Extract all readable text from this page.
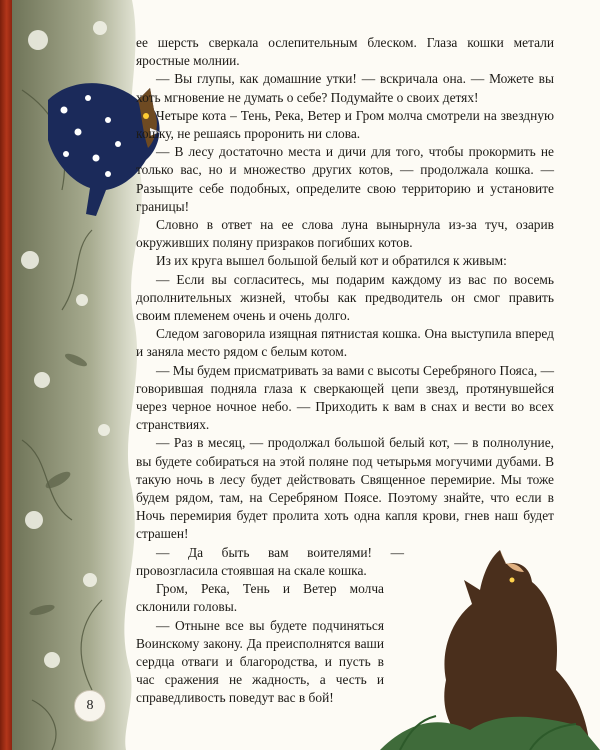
ее шерсть сверкала ослепительным блеском. Глаза кошки метали яростные молнии.

— Вы глупы, как домашние утки! — вскричала она. — Можете вы хоть мгновение не думать о себе? Подумайте о своих детях!

Четыре кота – Тень, Река, Ветер и Гром молча смотрели на звездную кошку, не решаясь проронить ни слова.

— В лесу достаточно места и дичи для того, чтобы прокормить не только вас, но и множество других котов, — продолжала кошка. — Разыщите себе подобных, определите свою территорию и установите границы!

Словно в ответ на ее слова луна вынырнула из-за туч, озарив окруживших поляну призраков погибших котов.

Из их круга вышел большой белый кот и обратился к живым:

— Если вы согласитесь, мы подарим каждому из вас по восемь дополнительных жизней, чтобы как предводитель он смог править своим племенем очень и очень долго.

Следом заговорила изящная пятнистая кошка. Она выступила вперед и заняла место рядом с белым котом.

— Мы будем присматривать за вами с высоты Серебряного Пояса, — говорившая подняла глаза к сверкающей цепи звезд, протянувшейся через черное ночное небо. — Приходить к вам в снах и вести во всех странствиях.

— Раз в месяц, — продолжал большой белый кот, — в полнолуние, вы будете собираться на этой поляне под четырьмя могучими дубами. В такую ночь в лесу будет действовать Священное перемирие. Мы тоже будем рядом, там, на Серебряном Поясе. Поэтому знайте, что если в Ночь перемирия будет пролита хоть одна капля крови, гнев наш будет страшен!

— Да быть вам воителями! — провозгласила стоявшая на скале кошка.

Гром, Река, Тень и Ветер молча склонили головы.

— Отныне все вы будете подчиняться Воинскому закону. Да преисполнятся ваши сердца отваги и благородства, и пусть в час сражения не жадность, а честь и справедливость поведут вас в бой!

8
